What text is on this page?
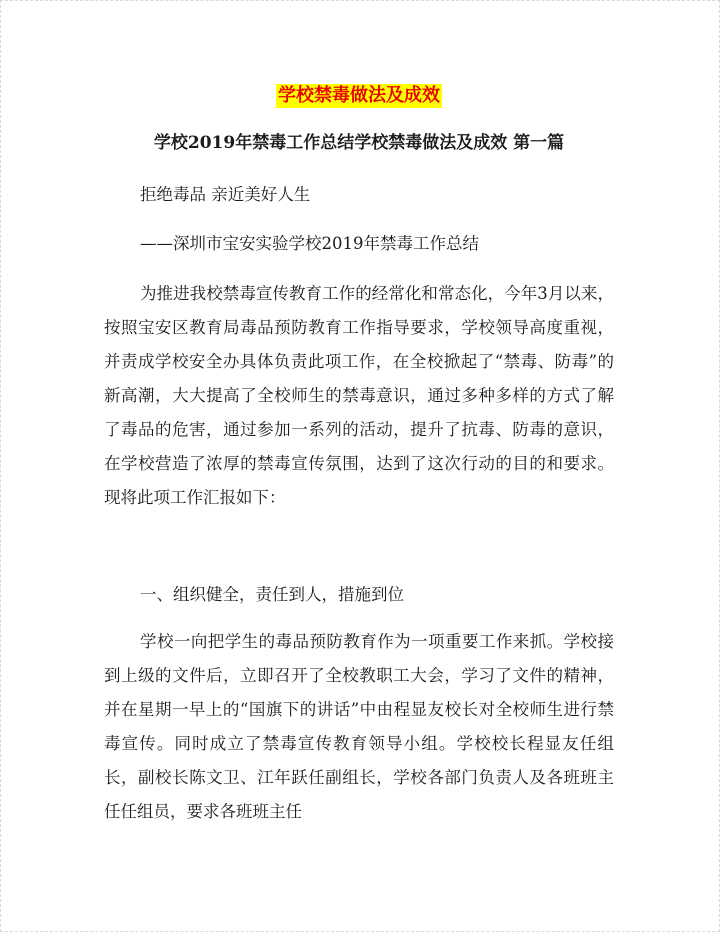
学校禁毒做法及成效
学校2019年禁毒工作总结学校禁毒做法及成效 第一篇
拒绝毒品 亲近美好人生
——深圳市宝安实验学校2019年禁毒工作总结

为推进我校禁毒宣传教育工作的经常化和常态化，今年3月以来，按照宝安区教育局毒品预防教育工作指导要求，学校领导高度重视，并责成学校安全办具体负责此项工作，在全校掀起了“禁毒、防毒”的新高潮，大大提高了全校师生的禁毒意识，通过多种多样的方式了解了毒品的危害，通过参加一系列的活动，提升了抗毒、防毒的意识，在学校营造了浓厚的禁毒宣传氛围，达到了这次行动的目的和要求。现将此项工作汇报如下：

一、组织健全，责任到人，措施到位

学校一向把学生的毒品预防教育作为一项重要工作来抓。学校接到上级的文件后，立即召开了全校教职工大会，学习了文件的精神，并在星期一早上的“国旗下的讲话”中由程显友校长对全校师生进行禁毒宣传。同时成立了禁毒宣传教育领导小组。学校校长程显友任组长，副校长陈文卫、江年跃任副组长，学校各部门负责人及各班班主任任组员，要求各班班主任
